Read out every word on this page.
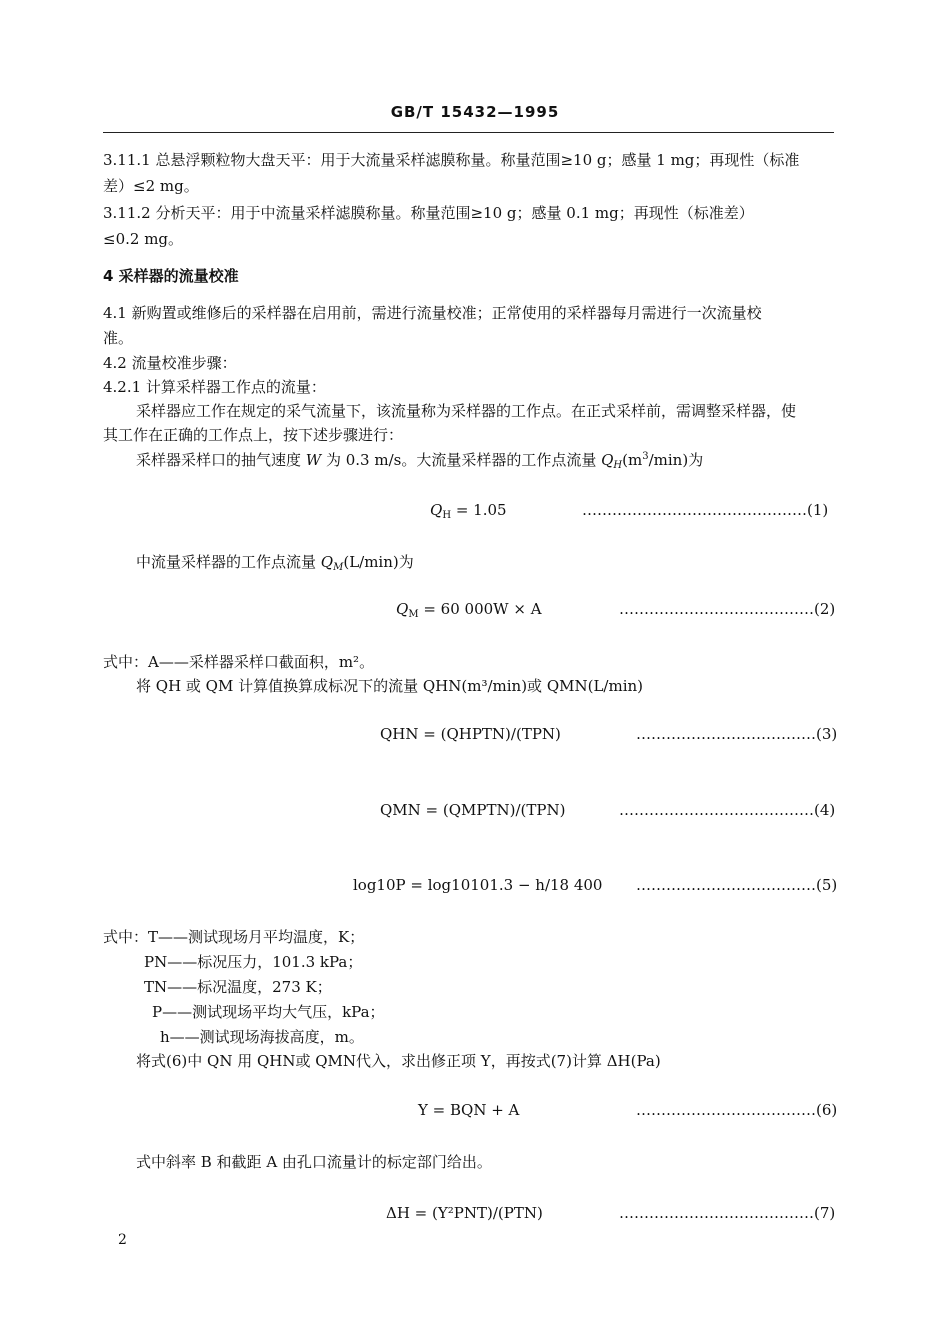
GB/T 15432—1995
3.11.1 总悬浮颗粒物大盘天平：用于大流量采样滤膜称量。称量范围≥10 g；感量 1 mg；再现性（标准
差）≤2 mg。
3.11.2 分析天平：用于中流量采样滤膜称量。称量范围≥10 g；感量 0.1 mg；再现性（标准差）
≤0.2 mg。
4 采样器的流量校准
4.1 新购置或维修后的采样器在启用前，需进行流量校准；正常使用的采样器每月需进行一次流量校
准。
4.2 流量校准步骤：
4.2.1 计算采样器工作点的流量：
采样器应工作在规定的采气流量下，该流量称为采样器的工作点。在正式采样前，需调整采样器，使
其工作在正确的工作点上，按下述步骤进行：
采样器采样口的抽气速度 W 为 0.3 m/s。大流量采样器的工作点流量 $Q_H(m^3/\min)$为
$Q_H = 1.05$	………………………………………(1)
中流量采样器的工作点流量 $Q_M(L/\min)$为
$Q_M = 60$ 000W × A	…………………………………(2)
式中：A——采样器采样口截面积，m²。
将 QH 或 QM 计算值换算成标况下的流量 QHN(m³/min)或 QMN(L/min)
QHN = (QHPTN)/(TPN)	………………………………(3)
QMN = (QMPTN)/(TPN)	…………………………………(4)
log10P = log10101.3 − h/18 400 ………………………………(5)
式中：T——测试现场月平均温度，K；
PN——标况压力，101.3 kPa；
TN——标况温度，273 K；
P——测试现场平均大气压，kPa；
h——测试现场海拔高度，m。
将式(6)中 QN 用 QHN或 QMN代入，求出修正项 Y，再按式(7)计算 ΔH(Pa)
Y = BQN + A	………………………………(6)
式中斜率 B 和截距 A 由孔口流量计的标定部门给出。
ΔH = (Y²PNT)/(PTN)	…………………………………(7)
2
